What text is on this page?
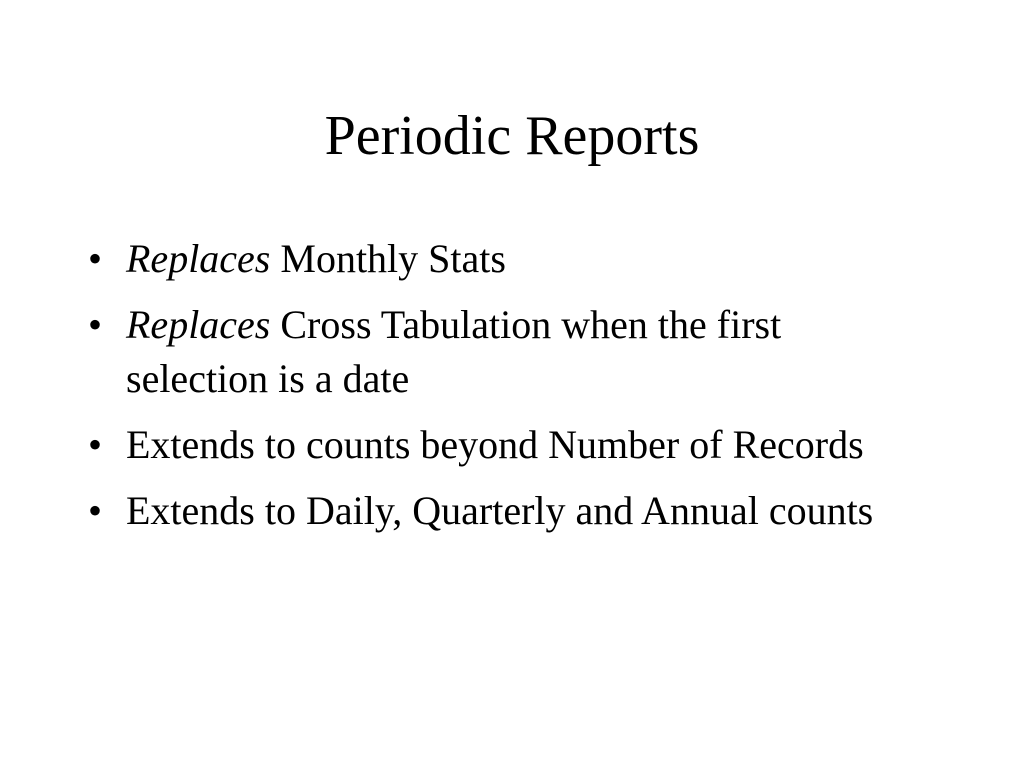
Periodic Reports
• Replaces Monthly Stats
• Replaces Cross Tabulation when the first selection is a date
• Extends to counts beyond Number of Records
• Extends to Daily, Quarterly and Annual counts
